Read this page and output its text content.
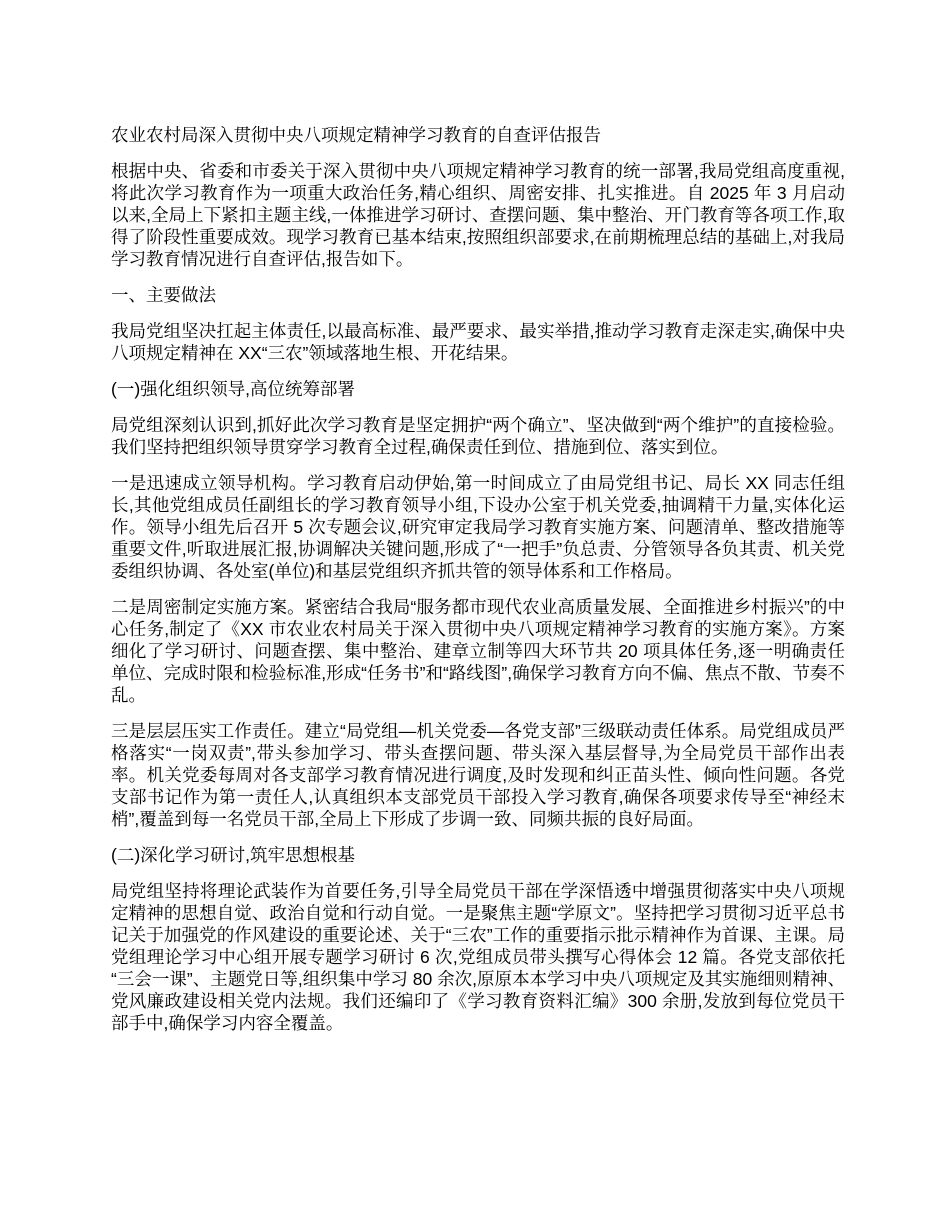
农业农村局深入贯彻中央八项规定精神学习教育的自查评估报告

根据中央、省委和市委关于深入贯彻中央八项规定精神学习教育的统一部署,我局党组高度重视,将此次学习教育作为一项重大政治任务,精心组织、周密安排、扎实推进。自 2025 年 3 月启动以来,全局上下紧扣主题主线,一体推进学习研讨、查摆问题、集中整治、开门教育等各项工作,取得了阶段性重要成效。现学习教育已基本结束,按照组织部要求,在前期梳理总结的基础上,对我局学习教育情况进行自查评估,报告如下。

一、主要做法

我局党组坚决扛起主体责任,以最高标准、最严要求、最实举措,推动学习教育走深走实,确保中央八项规定精神在 XX“三农”领域落地生根、开花结果。

(一)强化组织领导,高位统筹部署

局党组深刻认识到,抓好此次学习教育是坚定拥护“两个确立”、坚决做到“两个维护”的直接检验。我们坚持把组织领导贯穿学习教育全过程,确保责任到位、措施到位、落实到位。

一是迅速成立领导机构。学习教育启动伊始,第一时间成立了由局党组书记、局长 XX 同志任组长,其他党组成员任副组长的学习教育领导小组,下设办公室于机关党委,抽调精干力量,实体化运作。领导小组先后召开 5 次专题会议,研究审定我局学习教育实施方案、问题清单、整改措施等重要文件,听取进展汇报,协调解决关键问题,形成了“一把手”负总责、分管领导各负其责、机关党委组织协调、各处室(单位)和基层党组织齐抓共管的领导体系和工作格局。

二是周密制定实施方案。紧密结合我局“服务都市现代农业高质量发展、全面推进乡村振兴”的中心任务,制定了《XX 市农业农村局关于深入贯彻中央八项规定精神学习教育的实施方案》。方案细化了学习研讨、问题查摆、集中整治、建章立制等四大环节共 20 项具体任务,逐一明确责任单位、完成时限和检验标准,形成“任务书”和“路线图”,确保学习教育方向不偏、焦点不散、节奏不乱。

三是层层压实工作责任。建立“局党组—机关党委—各党支部”三级联动责任体系。局党组成员严格落实“一岗双责”,带头参加学习、带头查摆问题、带头深入基层督导,为全局党员干部作出表率。机关党委每周对各支部学习教育情况进行调度,及时发现和纠正苗头性、倾向性问题。各党支部书记作为第一责任人,认真组织本支部党员干部投入学习教育,确保各项要求传导至“神经末梢”,覆盖到每一名党员干部,全局上下形成了步调一致、同频共振的良好局面。

(二)深化学习研讨,筑牢思想根基

局党组坚持将理论武装作为首要任务,引导全局党员干部在学深悟透中增强贯彻落实中央八项规定精神的思想自觉、政治自觉和行动自觉。一是聚焦主题“学原文”。坚持把学习贯彻习近平总书记关于加强党的作风建设的重要论述、关于“三农”工作的重要指示批示精神作为首课、主课。局党组理论学习中心组开展专题学习研讨 6 次,党组成员带头撰写心得体会 12 篇。各党支部依托“三会一课”、主题党日等,组织集中学习 80 余次,原原本本学习中央八项规定及其实施细则精神、党风廉政建设相关党内法规。我们还编印了《学习教育资料汇编》300 余册,发放到每位党员干部手中,确保学习内容全覆盖。
